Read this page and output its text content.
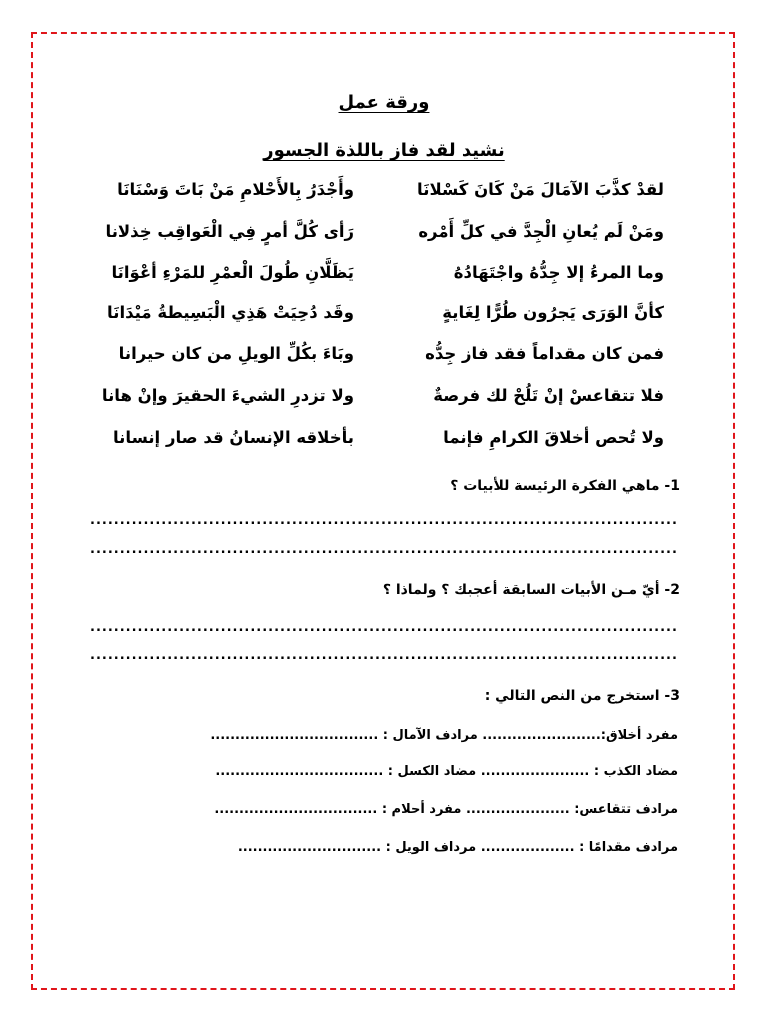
ورقة عمل
نشيد لقد فاز باللذة الجسور
لقدْ كذَّبَ الآمَالَ مَنْ كَانَ كَسْلانَا
وأَجْدَرُ بِالأَحْلامِ مَنْ بَاتَ وَسْنَانَا
ومَنْ لَم يُعانِ الْجِدَّ في كلِّ أَمْره
رَأى كُلَّ أمرٍ فِي الْعَواقِب خِذلانا
وما المرءُ إلا جِدُّهُ واجْتَهَادُهُ
يَظَلَّانِ طُولَ الْعمْرِ للمَرْءِ أعْوَانَا
كأنَّ الوَرَى يَجرُون طُرًّا لِغَايةٍ
وقَد دُحِيَتْ هَذِي الْبَسِيطةُ مَيْدَانَا
فمن كان مقداماً فقد فاز جِدُّه
وبَاءَ بكُلِّ الويلِ من كان حيرانا
فلا تتقاعسْ إنْ تَلُحْ لك فرصةٌ
ولا تزدرِ الشيءَ الحقيرَ وإنْ هانا
ولا تُحص أخلاقَ الكرامِ فإنما
بأخلاقه الإنسانُ قد صار إنسانا
1- ماهي الفكرة الرئيسة للأبيات ؟
...................................................................................................
...................................................................................................
2- أيّ مـن الأبيات السابقة أعجبك ؟ ولماذا ؟
...................................................................................................
...................................................................................................
3- استخرج من النص التالي :
مفرد أخلاق:........................ مرادف الآمال : ..................................
مضاد الكذب : ...................... مضاد الكسل : ..................................
مرادف تتقاعس: ..................... مفرد أحلام : .................................
مرادف مقدامًا : ................... مرداف الويل : .............................
